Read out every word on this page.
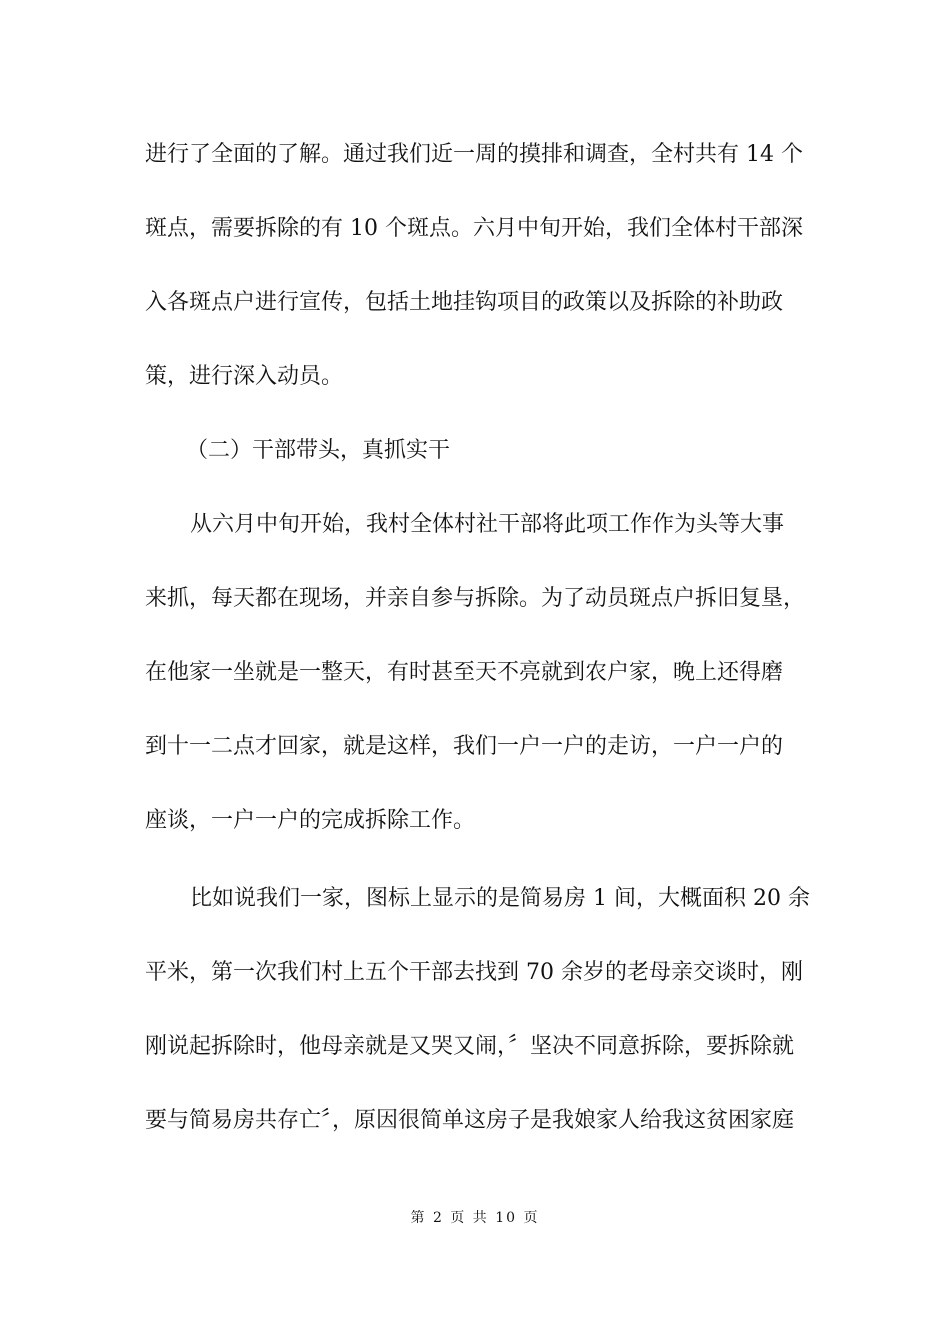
进行了全面的了解。通过我们近一周的摸排和调查，全村共有 14 个
斑点，需要拆除的有 10 个斑点。六月中旬开始，我们全体村干部深
入各斑点户进行宣传，包括土地挂钩项目的政策以及拆除的补助政
策，进行深入动员。
（二）干部带头，真抓实干
从六月中旬开始，我村全体村社干部将此项工作作为头等大事
来抓，每天都在现场，并亲自参与拆除。为了动员斑点户拆旧复垦，
在他家一坐就是一整天，有时甚至天不亮就到农户家，晚上还得磨
到十一二点才回家，就是这样，我们一户一户的走访，一户一户的
座谈，一户一户的完成拆除工作。
比如说我们一家，图标上显示的是简易房 1 间，大概面积 20 余
平米，第一次我们村上五个干部去找到 70 余岁的老母亲交谈时，刚
刚说起拆除时，他母亲就是又哭又闹，〞坚决不同意拆除，要拆除就
要与简易房共存亡〞，原因很简单这房子是我娘家人给我这贫困家庭
第 2 页 共 10 页
